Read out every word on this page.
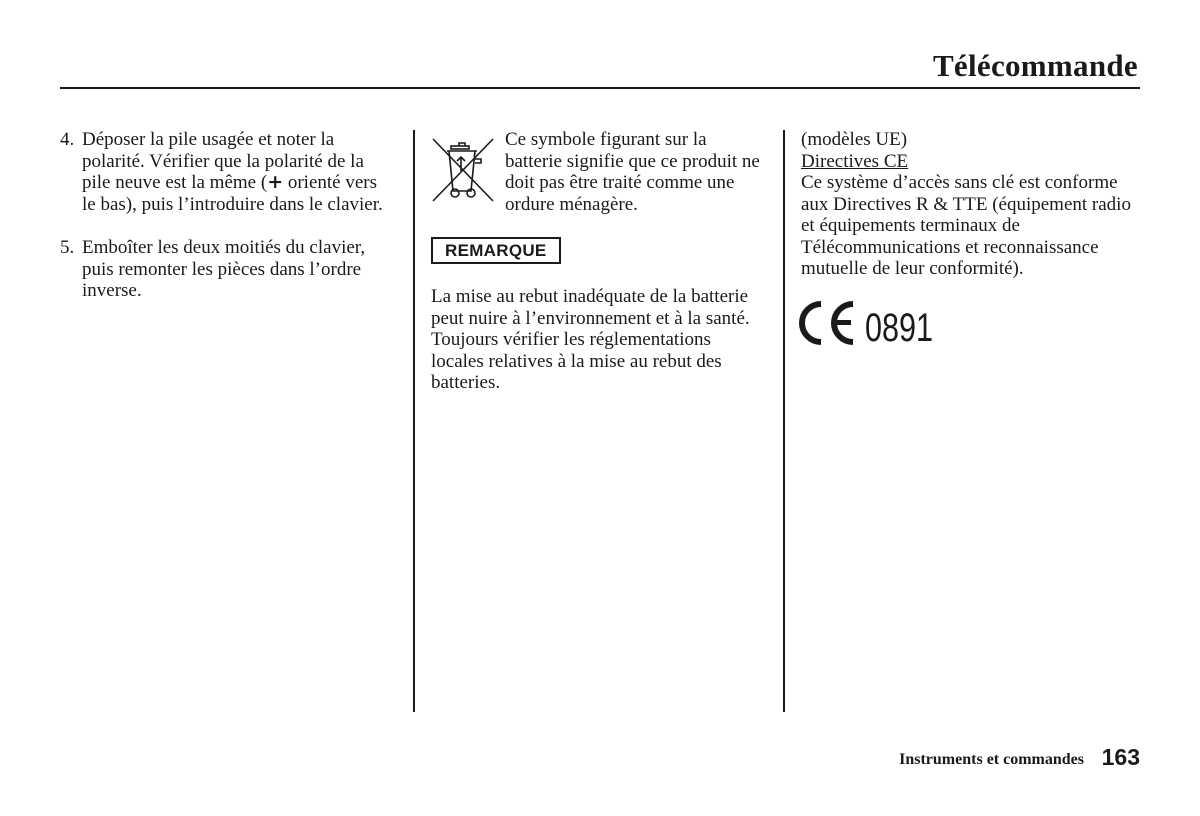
Télécommande
4. Déposer la pile usagée et noter la polarité. Vérifier que la polarité de la pile neuve est la même (+ orienté vers le bas), puis l’introduire dans le clavier.
5. Emboîter les deux moitiés du clavier, puis remonter les pièces dans l’ordre inverse.
Ce symbole figurant sur la batterie signifie que ce produit ne doit pas être traité comme une ordure ménagère.
REMARQUE
La mise au rebut inadéquate de la batterie peut nuire à l’environnement et à la santé.
Toujours vérifier les réglementations locales relatives à la mise au rebut des batteries.
(modèles UE)
Directives CE
Ce système d’accès sans clé est conforme aux Directives R & TTE (équipement radio et équipements terminaux de Télécommunications et reconnaissance mutuelle de leur conformité).
0891
Instruments et commandes 163
